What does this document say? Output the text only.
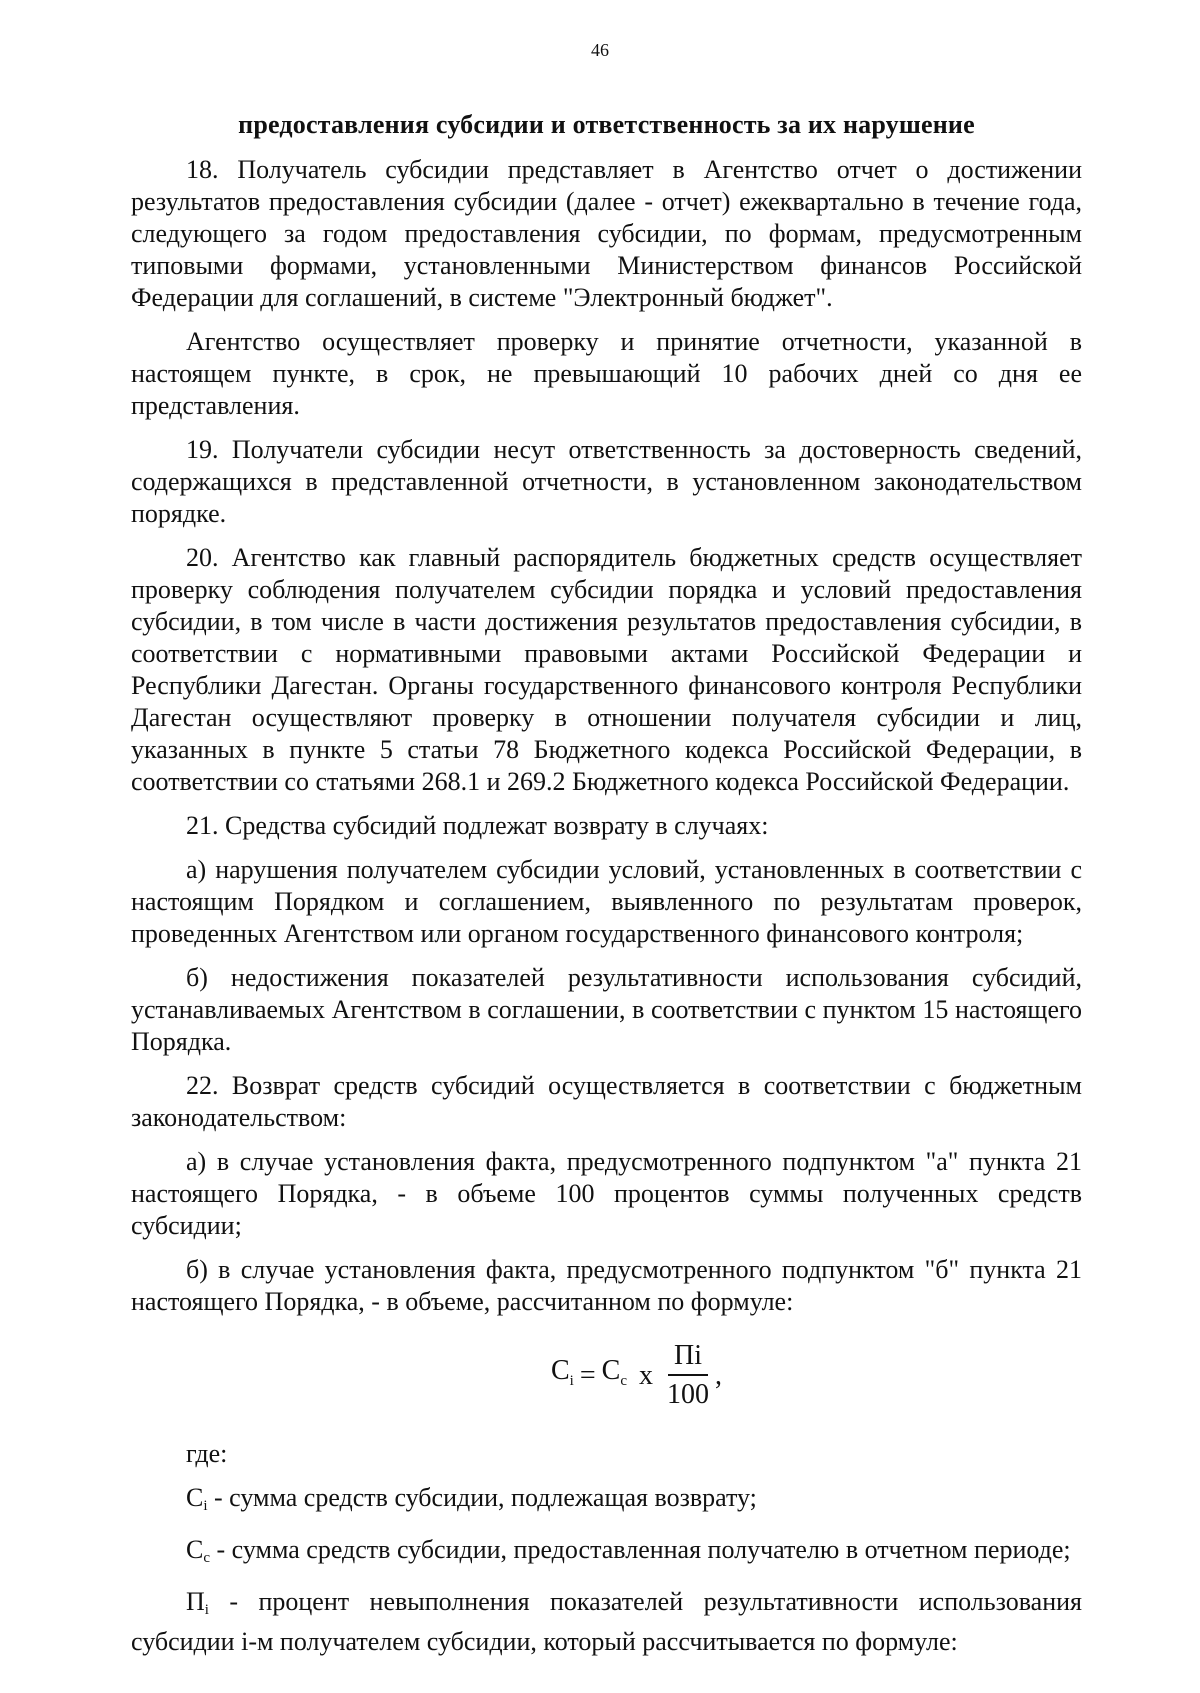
46
предоставления субсидии и ответственность за их нарушение

18. Получатель субсидии представляет в Агентство отчет о достижении результатов предоставления субсидии (далее - отчет) ежеквартально в течение года, следующего за годом предоставления субсидии, по формам, предусмотренным типовыми формами, установленными Министерством финансов Российской Федерации для соглашений, в системе "Электронный бюджет".

Агентство осуществляет проверку и принятие отчетности, указанной в настоящем пункте, в срок, не превышающий 10 рабочих дней со дня ее представления.

19. Получатели субсидии несут ответственность за достоверность сведений, содержащихся в представленной отчетности, в установленном законодательством порядке.

20. Агентство как главный распорядитель бюджетных средств осуществляет проверку соблюдения получателем субсидии порядка и условий предоставления субсидии, в том числе в части достижения результатов предоставления субсидии, в соответствии с нормативными правовыми актами Российской Федерации и Республики Дагестан. Органы государственного финансового контроля Республики Дагестан осуществляют проверку в отношении получателя субсидии и лиц, указанных в пункте 5 статьи 78 Бюджетного кодекса Российской Федерации, в соответствии со статьями 268.1 и 269.2 Бюджетного кодекса Российской Федерации.

21. Средства субсидий подлежат возврату в случаях:

а) нарушения получателем субсидии условий, установленных в соответствии с настоящим Порядком и соглашением, выявленного по результатам проверок, проведенных Агентством или органом государственного финансового контроля;

б) недостижения показателей результативности использования субсидий, устанавливаемых Агентством в соглашении, в соответствии с пунктом 15 настоящего Порядка.

22. Возврат средств субсидий осуществляется в соответствии с бюджетным законодательством:

а) в случае установления факта, предусмотренного подпунктом "а" пункта 21 настоящего Порядка, - в объеме 100 процентов суммы полученных средств субсидии;

б) в случае установления факта, предусмотренного подпунктом "б" пункта 21 настоящего Порядка, - в объеме, рассчитанном по формуле:

$C_i = C_c$ x $\frac{Пi}{100}$ ,

где:

$C_i$ - сумма средств субсидии, подлежащая возврату;

$C_c$ - сумма средств субсидии, предоставленная получателю в отчетном периоде;

$П_i$ - процент невыполнения показателей результативности использования субсидии i-м получателем субсидии, который рассчитывается по формуле:
